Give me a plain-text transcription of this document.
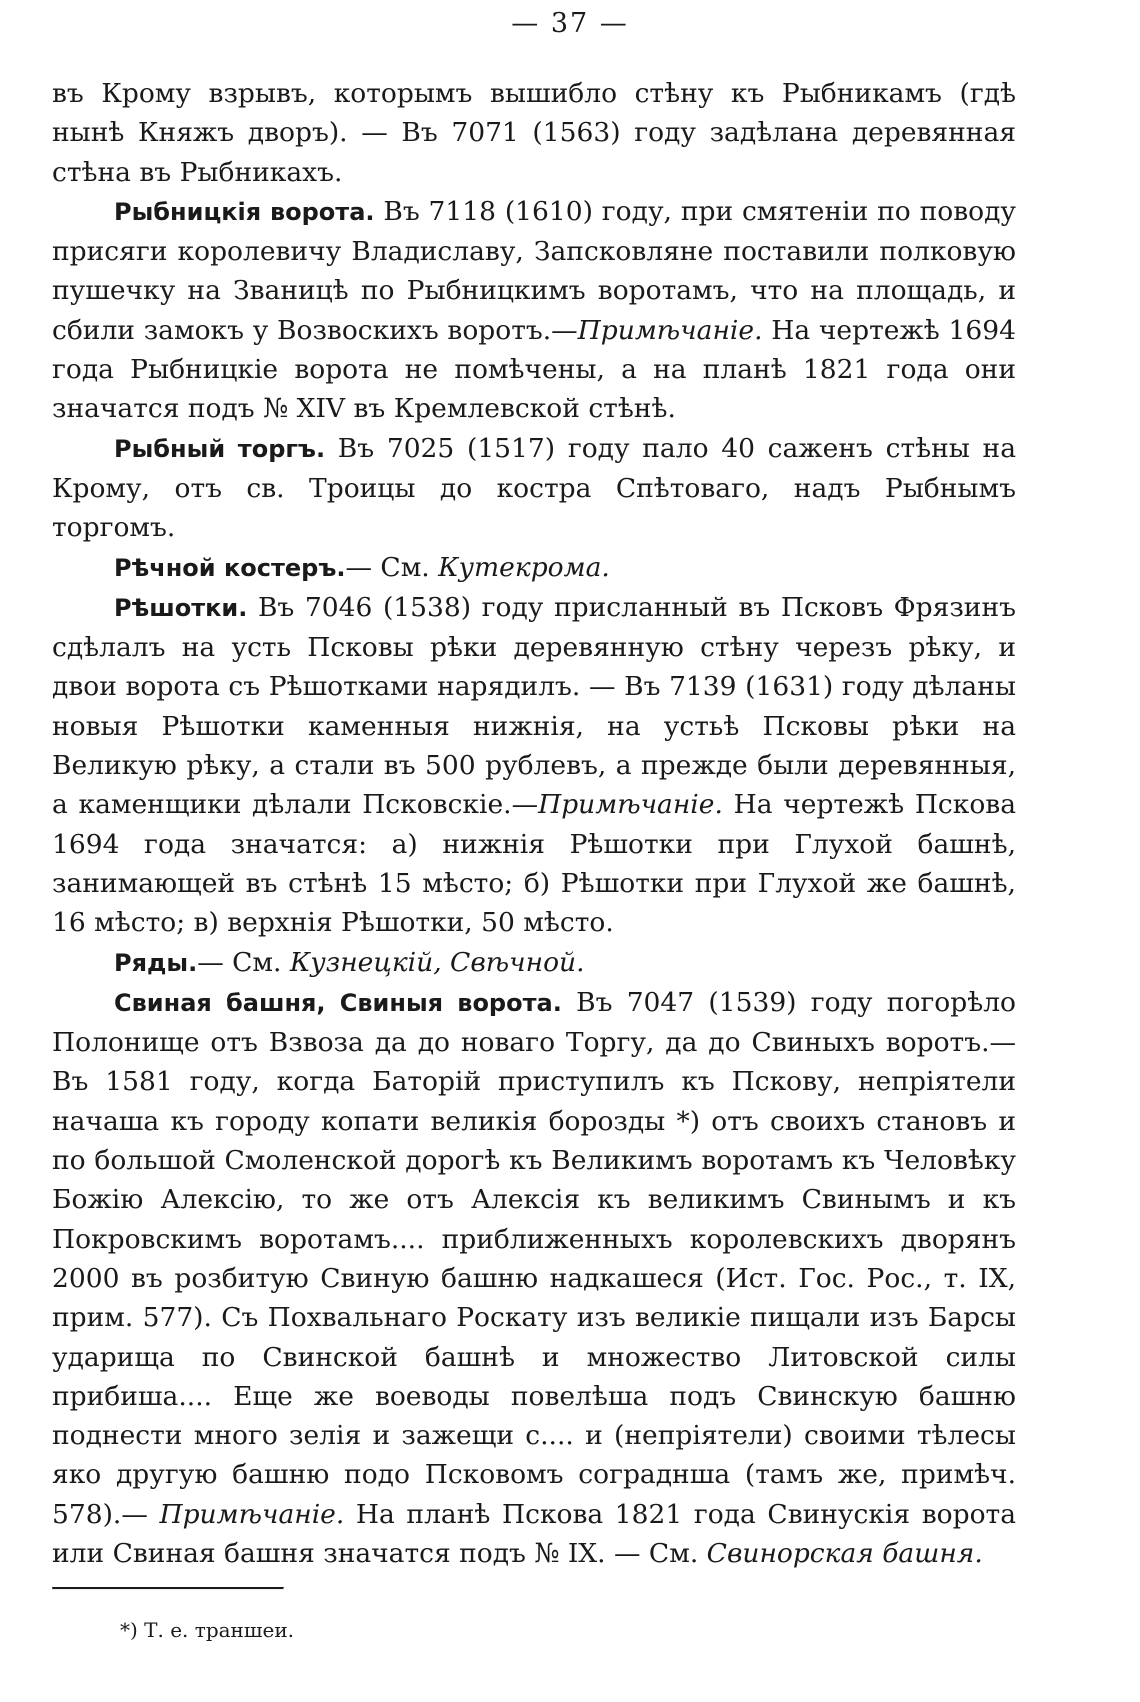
— 37 —

въ Крому взрывъ, которымъ вышибло стѣну къ Рыбникамъ (гдѣ нынѣ Княжъ дворъ). — Въ 7071 (1563) году задѣлана деревянная стѣна въ Рыбникахъ.

Рыбницкія ворота. Въ 7118 (1610) году, при смятеніи по поводу присяги королевичу Владиславу, Запсковляне поставили полковую пушечку на Званицѣ по Рыбницкимъ воротамъ, что на площадь, и сбили замокъ у Возвоскихъ воротъ.—Примѣчаніе. На чертежѣ 1694 года Рыбницкіе ворота не помѣчены, а на планѣ 1821 года они значатся подъ № XIV въ Кремлевской стѣнѣ.

Рыбный торгъ. Въ 7025 (1517) году пало 40 саженъ стѣны на Крому, отъ св. Троицы до костра Спѣтоваго, надъ Рыбнымъ торгомъ.

Рѣчной костеръ.— См. Кутекрома.

Рѣшотки. Въ 7046 (1538) году присланный въ Псковъ Фрязинъ сдѣлалъ на усть Псковы рѣки деревянную стѣну черезъ рѣку, и двои ворота съ Рѣшотками нарядилъ. — Въ 7139 (1631) году дѣланы новыя Рѣшотки каменныя нижнія, на устьѣ Псковы рѣки на Великую рѣку, а стали въ 500 рублевъ, а прежде были деревянныя, а каменщики дѣлали Псковскіе.—Примѣчаніе. На чертежѣ Пскова 1694 года значатся: а) нижнія Рѣшотки при Глухой башнѣ, занимающей въ стѣнѣ 15 мѣсто; б) Рѣшотки при Глухой же башнѣ, 16 мѣсто; в) верхнія Рѣшотки, 50 мѣсто.

Ряды.— См. Кузнецкій, Свѣчной.

Свиная башня, Свиныя ворота. Въ 7047 (1539) году погорѣло Полонище отъ Взвоза да до новаго Торгу, да до Свиныхъ воротъ.—Въ 1581 году, когда Баторій приступилъ къ Пскову, непріятели начаша къ городу копати великія борозды *) отъ своихъ становъ и по большой Смоленской дорогѣ къ Великимъ воротамъ къ Человѣку Божію Алексію, то же отъ Алексія къ великимъ Свинымъ и къ Покровскимъ воротамъ.... приближенныхъ королевскихъ дворянъ 2000 въ розбитую Свиную башню надкашеся (Ист. Гос. Рос., т. IX, прим. 577). Съ Похвальнаго Роскату изъ великіе пищали изъ Барсы ударища по Свинской башнѣ и множество Литовской силы прибиша.... Еще же воеводы повелѣша подъ Свинскую башню поднести много зелія и зажещи с.... и (непріятели) своими тѣлесы яко другую башню подо Псковомъ сограднша (тамъ же, примѣч. 578).— Примѣчаніе. На планѣ Пскова 1821 года Свинускія ворота или Свиная башня значатся подъ № IX. — См. Свинорская башня.

*) Т. е. траншеи.
